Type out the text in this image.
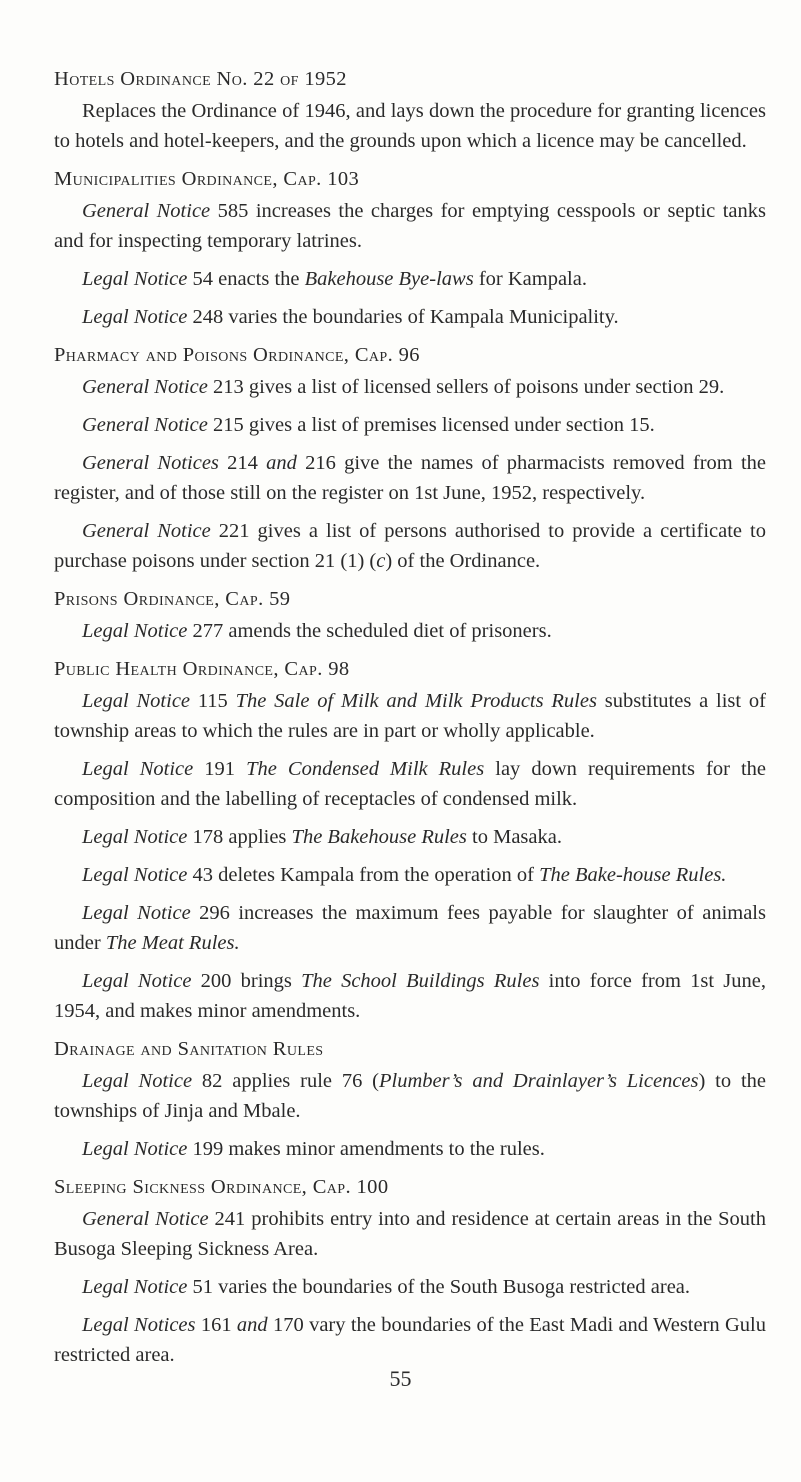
Hotels Ordinance No. 22 of 1952

Replaces the Ordinance of 1946, and lays down the procedure for granting licences to hotels and hotel-keepers, and the grounds upon which a licence may be cancelled.

Municipalities Ordinance, Cap. 103

General Notice 585 increases the charges for emptying cesspools or septic tanks and for inspecting temporary latrines.

Legal Notice 54 enacts the Bakehouse Bye-laws for Kampala.

Legal Notice 248 varies the boundaries of Kampala Municipality.

Pharmacy and Poisons Ordinance, Cap. 96

General Notice 213 gives a list of licensed sellers of poisons under section 29.

General Notice 215 gives a list of premises licensed under section 15.

General Notices 214 and 216 give the names of pharmacists removed from the register, and of those still on the register on 1st June, 1952, respectively.

General Notice 221 gives a list of persons authorised to provide a certificate to purchase poisons under section 21 (1) (c) of the Ordinance.

Prisons Ordinance, Cap. 59

Legal Notice 277 amends the scheduled diet of prisoners.

Public Health Ordinance, Cap. 98

Legal Notice 115 The Sale of Milk and Milk Products Rules substitutes a list of township areas to which the rules are in part or wholly applicable.

Legal Notice 191 The Condensed Milk Rules lay down requirements for the composition and the labelling of receptacles of condensed milk.

Legal Notice 178 applies The Bakehouse Rules to Masaka.

Legal Notice 43 deletes Kampala from the operation of The Bake-house Rules.

Legal Notice 296 increases the maximum fees payable for slaughter of animals under The Meat Rules.

Legal Notice 200 brings The School Buildings Rules into force from 1st June, 1954, and makes minor amendments.

Drainage and Sanitation Rules

Legal Notice 82 applies rule 76 (Plumber’s and Drainlayer’s Licences) to the townships of Jinja and Mbale.

Legal Notice 199 makes minor amendments to the rules.

Sleeping Sickness Ordinance, Cap. 100

General Notice 241 prohibits entry into and residence at certain areas in the South Busoga Sleeping Sickness Area.

Legal Notice 51 varies the boundaries of the South Busoga restricted area.

Legal Notices 161 and 170 vary the boundaries of the East Madi and Western Gulu restricted area.

55
